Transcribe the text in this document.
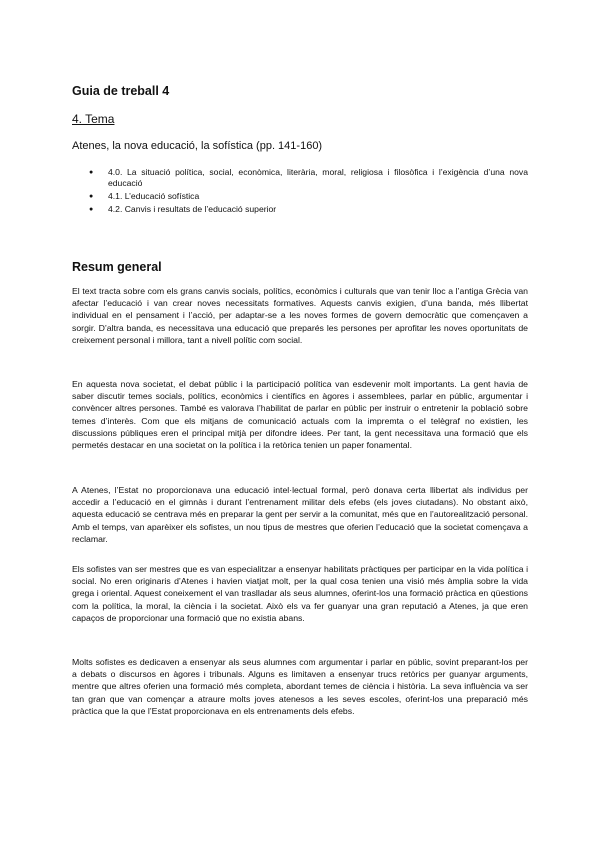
Guia de treball 4
4. Tema
Atenes, la nova educació, la sofística (pp. 141-160)
● 4.0. La situació política, social, econòmica, literària, moral, religiosa i filosòfica i l’exigència d’una nova educació
● 4.1. L’educació sofística
● 4.2. Canvis i resultats de l’educació superior
Resum general

El text tracta sobre com els grans canvis socials, polítics, econòmics i culturals que van tenir lloc a l’antiga Grècia van afectar l’educació i van crear noves necessitats formatives. Aquests canvis exigien, d’una banda, més llibertat individual en el pensament i l’acció, per adaptar-se a les noves formes de govern democràtic que començaven a sorgir. D’altra banda, es necessitava una educació que preparés les persones per aprofitar les noves oportunitats de creixement personal i millora, tant a nivell polític com social.

En aquesta nova societat, el debat públic i la participació política van esdevenir molt importants. La gent havia de saber discutir temes socials, polítics, econòmics i científics en àgores i assemblees, parlar en públic, argumentar i convèncer altres persones. També es valorava l’habilitat de parlar en públic per instruir o entretenir la població sobre temes d’interès. Com que els mitjans de comunicació actuals com la impremta o el telègraf no existien, les discussions públiques eren el principal mitjà per difondre idees. Per tant, la gent necessitava una formació que els permetés destacar en una societat on la política i la retòrica tenien un paper fonamental.

A Atenes, l’Estat no proporcionava una educació intel·lectual formal, però donava certa llibertat als individus per accedir a l’educació en el gimnàs i durant l’entrenament militar dels efebs (els joves ciutadans). No obstant això, aquesta educació se centrava més en preparar la gent per servir a la comunitat, més que en l’autorealització personal. Amb el temps, van aparèixer els sofistes, un nou tipus de mestres que oferien l’educació que la societat començava a reclamar.

Els sofistes van ser mestres que es van especialitzar a ensenyar habilitats pràctiques per participar en la vida política i social. No eren originaris d’Atenes i havien viatjat molt, per la qual cosa tenien una visió més àmplia sobre la vida grega i oriental. Aquest coneixement el van traslladar als seus alumnes, oferint-los una formació pràctica en qüestions com la política, la moral, la ciència i la societat. Això els va fer guanyar una gran reputació a Atenes, ja que eren capaços de proporcionar una formació que no existia abans.

Molts sofistes es dedicaven a ensenyar als seus alumnes com argumentar i parlar en públic, sovint preparant-los per a debats o discursos en àgores i tribunals. Alguns es limitaven a ensenyar trucs retòrics per guanyar arguments, mentre que altres oferien una formació més completa, abordant temes de ciència i història. La seva influència va ser tan gran que van començar a atraure molts joves atenesos a les seves escoles, oferint-los una preparació més pràctica que la que l’Estat proporcionava en els entrenaments dels efebs.
